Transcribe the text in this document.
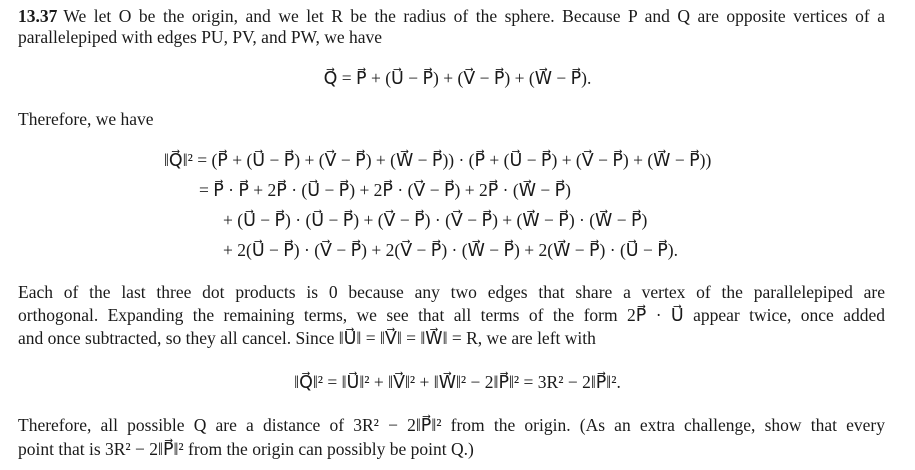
13.37 We let O be the origin, and we let R be the radius of the sphere. Because P and Q are opposite vertices of a
parallelepiped with edges PU, PV, and PW, we have
Q⃗ = P⃗ + (U⃗ − P⃗) + (V⃗ − P⃗) + (W⃗ − P⃗).
Therefore, we have
‖Q⃗‖² = (P⃗ + (U⃗ − P⃗) + (V⃗ − P⃗) + (W⃗ − P⃗)) · (P⃗ + (U⃗ − P⃗) + (V⃗ − P⃗) + (W⃗ − P⃗))
= P⃗ · P⃗ + 2P⃗ · (U⃗ − P⃗) + 2P⃗ · (V⃗ − P⃗) + 2P⃗ · (W⃗ − P⃗)
+ (U⃗ − P⃗) · (U⃗ − P⃗) + (V⃗ − P⃗) · (V⃗ − P⃗) + (W⃗ − P⃗) · (W⃗ − P⃗)
+ 2(U⃗ − P⃗) · (V⃗ − P⃗) + 2(V⃗ − P⃗) · (W⃗ − P⃗) + 2(W⃗ − P⃗) · (U⃗ − P⃗).
Each of the last three dot products is 0 because any two edges that share a vertex of the parallelepiped are
orthogonal. Expanding the remaining terms, we see that all terms of the form 2P⃗ · U⃗ appear twice, once added
and once subtracted, so they all cancel. Since ‖U⃗‖ = ‖V⃗‖ = ‖W⃗‖ = R, we are left with
‖Q⃗‖² = ‖U⃗‖² + ‖V⃗‖² + ‖W⃗‖² − 2‖P⃗‖² = 3R² − 2‖P⃗‖².
Therefore, all possible Q are a distance of 3R² − 2‖P⃗‖² from the origin. (As an extra challenge, show that every
point that is 3R² − 2‖P⃗‖² from the origin can possibly be point Q.)
